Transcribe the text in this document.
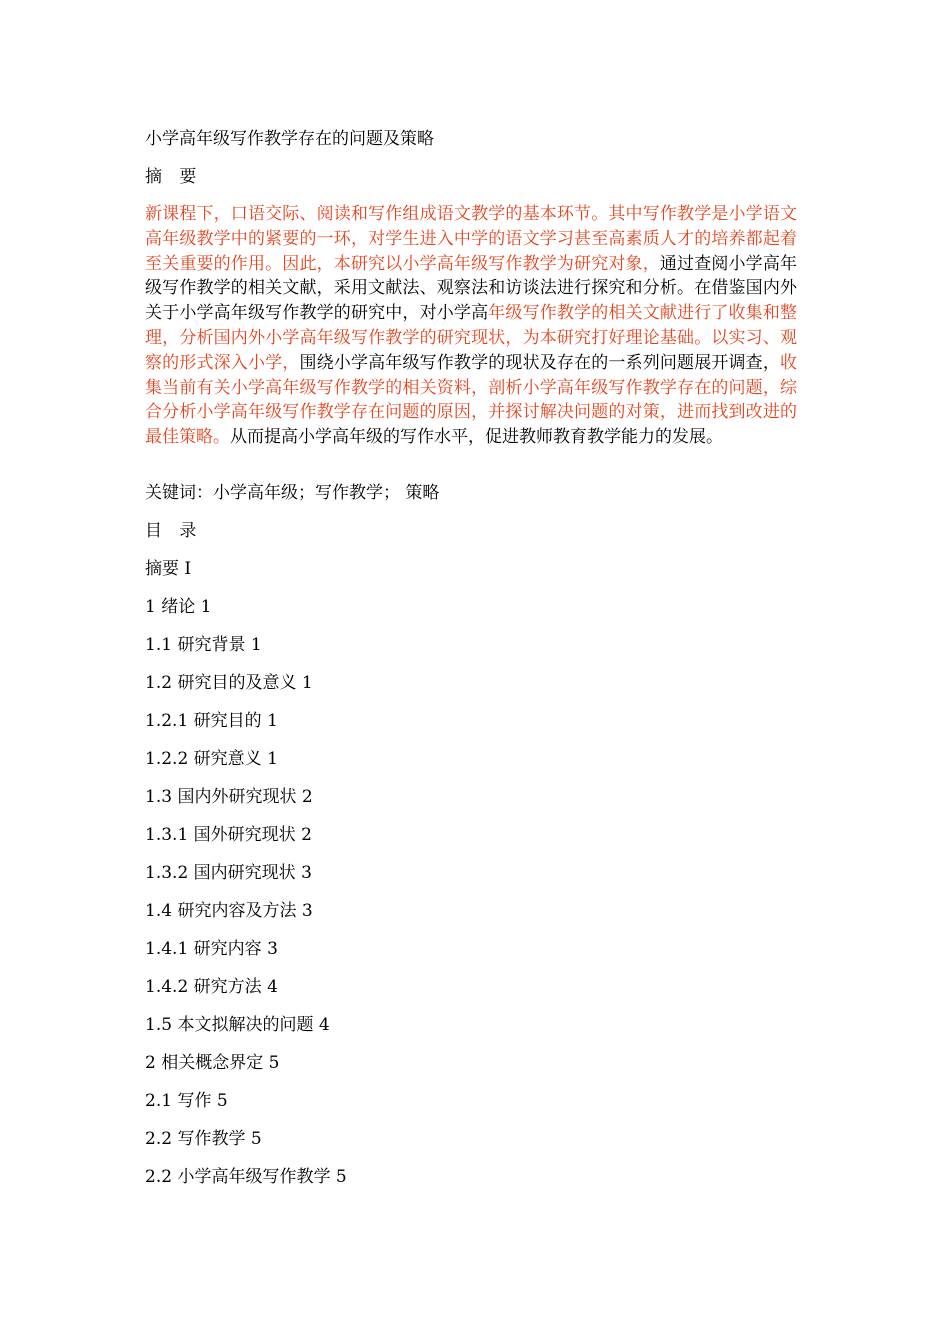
小学高年级写作教学存在的问题及策略

摘 要

新课程下，口语交际、阅读和写作组成语文教学的基本环节。其中写作教学是小学语文高年级教学中的紧要的一环，对学生进入中学的语文学习甚至高素质人才的培养都起着至关重要的作用。因此，本研究以小学高年级写作教学为研究对象，通过查阅小学高年级写作教学的相关文献，采用文献法、观察法和访谈法进行探究和分析。在借鉴国内外关于小学高年级写作教学的研究中，对小学高年级写作教学的相关文献进行了收集和整理，分析国内外小学高年级写作教学的研究现状，为本研究打好理论基础。以实习、观察的形式深入小学，围绕小学高年级写作教学的现状及存在的一系列问题展开调查，收集当前有关小学高年级写作教学的相关资料，剖析小学高年级写作教学存在的问题，综合分析小学高年级写作教学存在问题的原因，并探讨解决问题的对策，进而找到改进的最佳策略。从而提高小学高年级的写作水平，促进教师教育教学能力的发展。

关键词：小学高年级；写作教学； 策略

目 录

摘要 I
1 绪论 1
1.1 研究背景 1
1.2 研究目的及意义 1
1.2.1 研究目的 1
1.2.2 研究意义 1
1.3 国内外研究现状 2
1.3.1 国外研究现状 2
1.3.2 国内研究现状 3
1.4 研究内容及方法 3
1.4.1 研究内容 3
1.4.2 研究方法 4
1.5 本文拟解决的问题 4
2 相关概念界定 5
2.1 写作 5
2.2 写作教学 5
2.2 小学高年级写作教学 5
